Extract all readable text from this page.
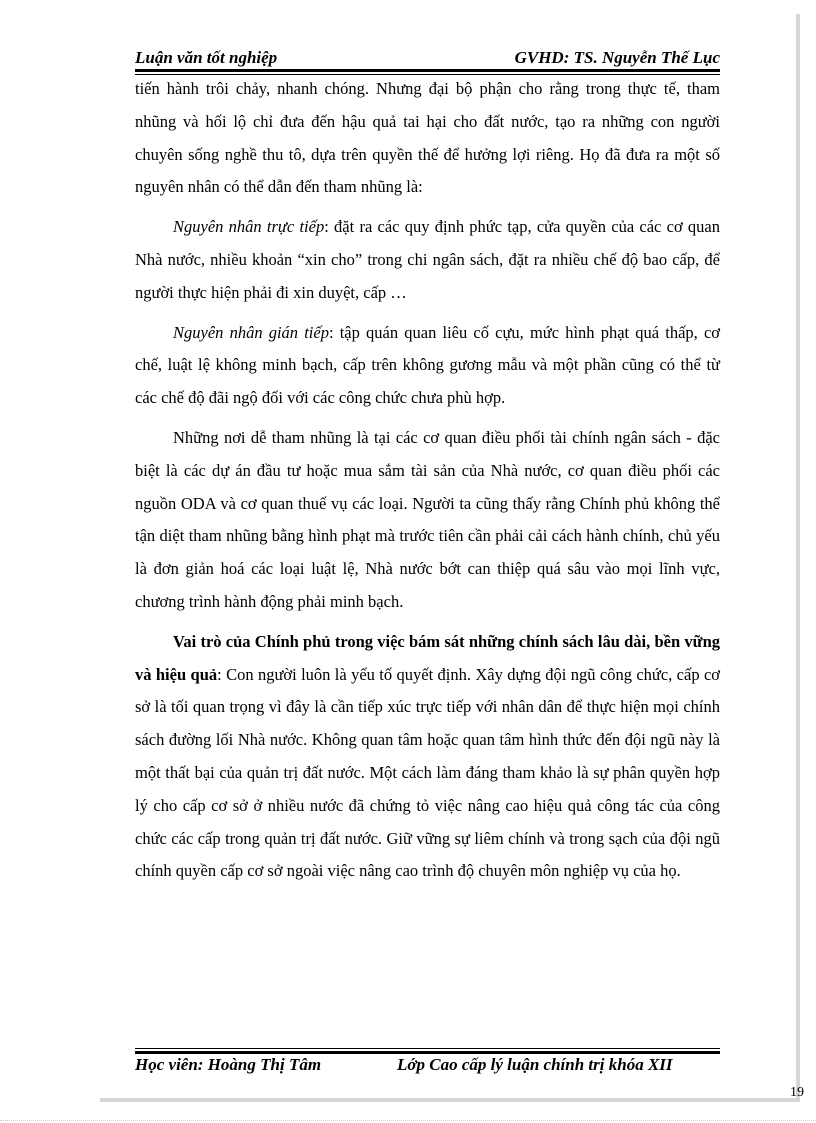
Luận văn tốt nghiệp	GVHD: TS. Nguyễn Thế Lục

tiến hành trôi chảy, nhanh chóng. Nhưng đại bộ phận cho rằng trong thực tế, tham nhũng và hối lộ chỉ đưa đến hậu quả tai hại cho đất nước, tạo ra những con người chuyên sống nghề thu tô, dựa trên quyền thế để hưởng lợi riêng. Họ đã đưa ra một số nguyên nhân có thể dẫn đến tham nhũng là:

Nguyên nhân trực tiếp: đặt ra các quy định phức tạp, cửa quyền của các cơ quan Nhà nước, nhiều khoản “xin cho” trong chi ngân sách, đặt ra nhiều chế độ bao cấp, để người thực hiện phải đi xin duyệt, cấp …

Nguyên nhân gián tiếp: tập quán quan liêu cố cựu, mức hình phạt quá thấp, cơ chế, luật lệ không minh bạch, cấp trên không gương mẫu và một phần cũng có thể từ các chế độ đãi ngộ đối với các công chức chưa phù hợp.

Những nơi dễ tham nhũng là tại các cơ quan điều phối tài chính ngân sách - đặc biệt là các dự án đầu tư hoặc mua sắm tài sản của Nhà nước, cơ quan điều phối các nguồn ODA và cơ quan thuế vụ các loại. Người ta cũng thấy rằng Chính phủ không thể tận diệt tham nhũng bằng hình phạt mà trước tiên cần phải cải cách hành chính, chủ yếu là đơn giản hoá các loại luật lệ, Nhà nước bớt can thiệp quá sâu vào mọi lĩnh vực, chương trình hành động phải minh bạch.

Vai trò của Chính phủ trong việc bám sát những chính sách lâu dài, bền vững và hiệu quả: Con người luôn là yếu tố quyết định. Xây dựng đội ngũ công chức, cấp cơ sở là tối quan trọng vì đây là cần tiếp xúc trực tiếp với nhân dân để thực hiện mọi chính sách đường lối Nhà nước. Không quan tâm hoặc quan tâm hình thức đến đội ngũ này là một thất bại của quản trị đất nước. Một cách làm đáng tham khảo là sự phân quyền hợp lý cho cấp cơ sở ở nhiều nước đã chứng tỏ việc nâng cao hiệu quả công tác của công chức các cấp trong quản trị đất nước. Giữ vững sự liêm chính và trong sạch của đội ngũ chính quyền cấp cơ sở ngoài việc nâng cao trình độ chuyên môn nghiệp vụ của họ.

Học viên: Hoàng Thị Tâm	Lớp Cao cấp lý luận chính trị khóa XII
19
